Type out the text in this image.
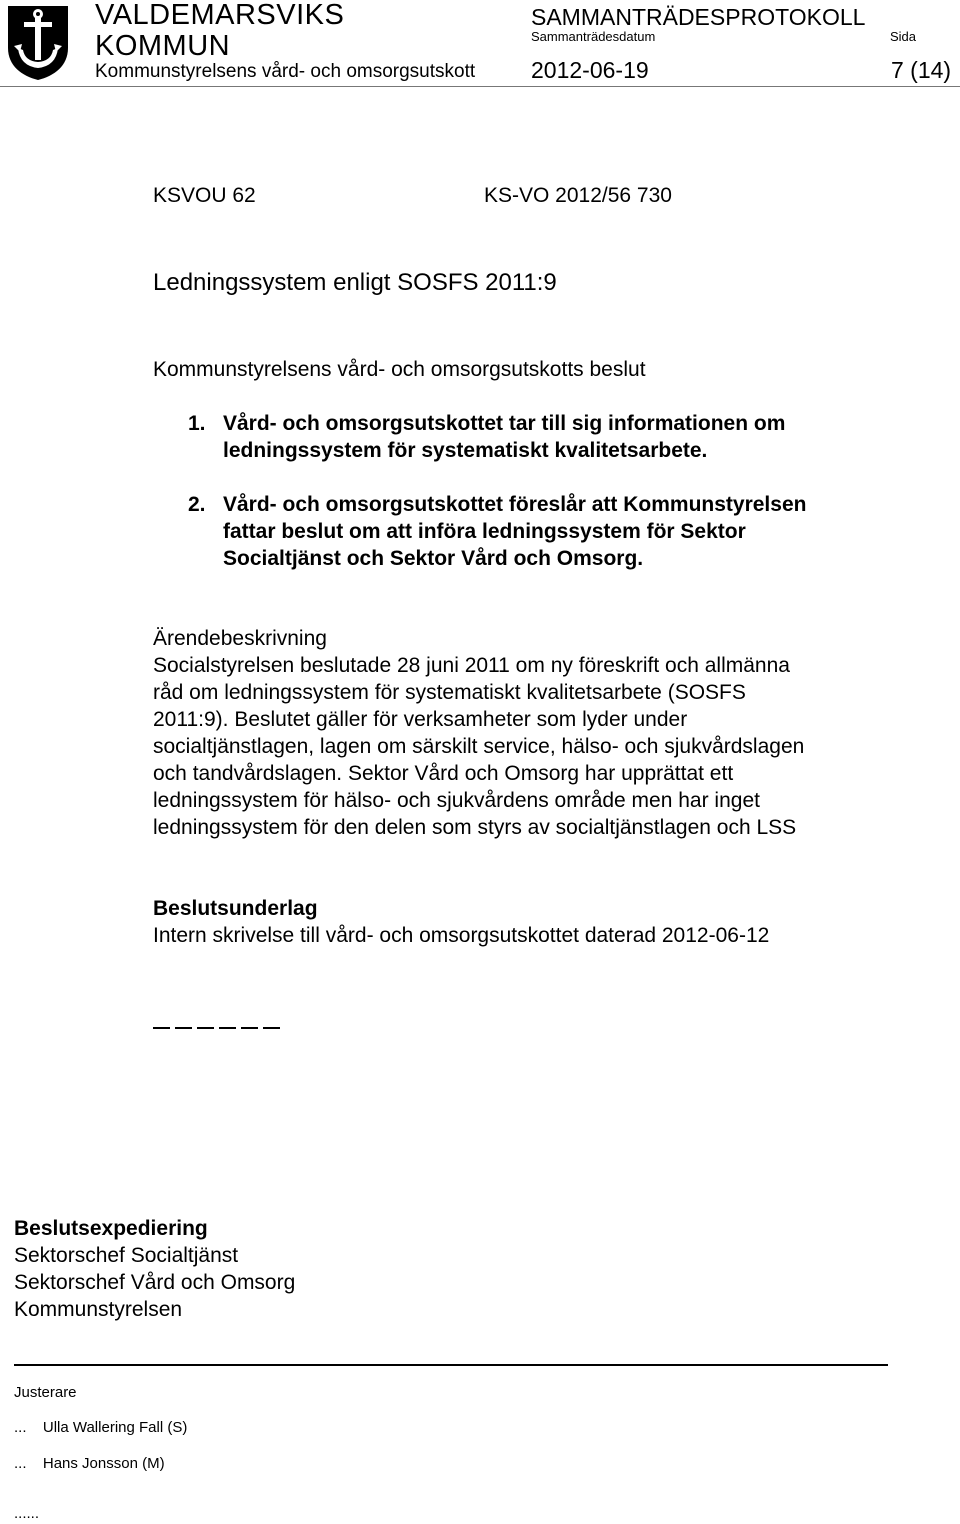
VALDEMARSVIKS
KOMMUN
Kommunstyrelsens vård- och omsorgsutskott
SAMMANTRÄDESPROTOKOLL
Sammanträdesdatum	Sida
2012-06-19	7 (14)
KSVOU 62	KS-VO 2012/56 730
Ledningssystem enligt SOSFS 2011:9
Kommunstyrelsens vård- och omsorgsutskotts beslut
1. Vård- och omsorgsutskottet tar till sig informationen om
ledningssystem för systematiskt kvalitetsarbete.
2. Vård- och omsorgsutskottet föreslår att Kommunstyrelsen
fattar beslut om att införa ledningssystem för Sektor
Socialtjänst och Sektor Vård och Omsorg.
Ärendebeskrivning
Socialstyrelsen beslutade 28 juni 2011 om ny föreskrift och allmänna
råd om ledningssystem för systematiskt kvalitetsarbete (SOSFS
2011:9). Beslutet gäller för verksamheter som lyder under
socialtjänstlagen, lagen om särskilt service, hälso- och sjukvårdslagen
och tandvårdslagen. Sektor Vård och Omsorg har upprättat ett
ledningssystem för hälso- och sjukvårdens område men har inget
ledningssystem för den delen som styrs av socialtjänstlagen och LSS
Beslutsunderlag
Intern skrivelse till vård- och omsorgsutskottet daterad 2012-06-12
Beslutsexpediering
Sektorschef Socialtjänst
Sektorschef Vård och Omsorg
Kommunstyrelsen
Justerare
... Ulla Wallering Fall (S)
... Hans Jonsson (M)
......
